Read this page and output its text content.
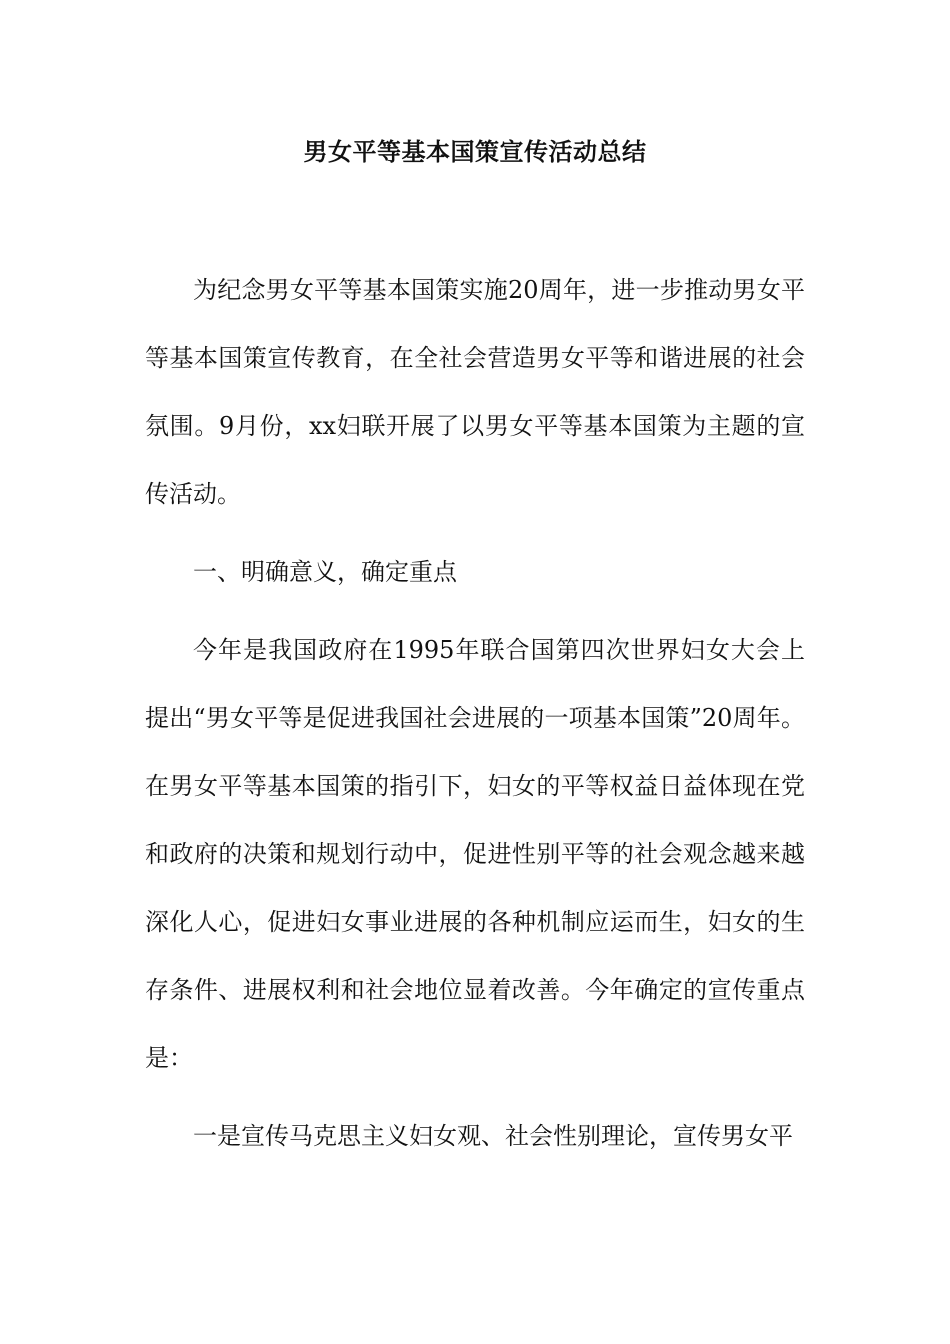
男女平等基本国策宣传活动总结

为纪念男女平等基本国策实施20周年，进一步推动男女平等基本国策宣传教育，在全社会营造男女平等和谐进展的社会氛围。9月份，xx妇联开展了以男女平等基本国策为主题的宣传活动。

一、明确意义，确定重点

今年是我国政府在1995年联合国第四次世界妇女大会上提出“男女平等是促进我国社会进展的一项基本国策”20周年。在男女平等基本国策的指引下，妇女的平等权益日益体现在党和政府的决策和规划行动中，促进性别平等的社会观念越来越深化人心，促进妇女事业进展的各种机制应运而生，妇女的生存条件、进展权利和社会地位显着改善。今年确定的宣传重点是：

一是宣传马克思主义妇女观、社会性别理论，宣传男女平
